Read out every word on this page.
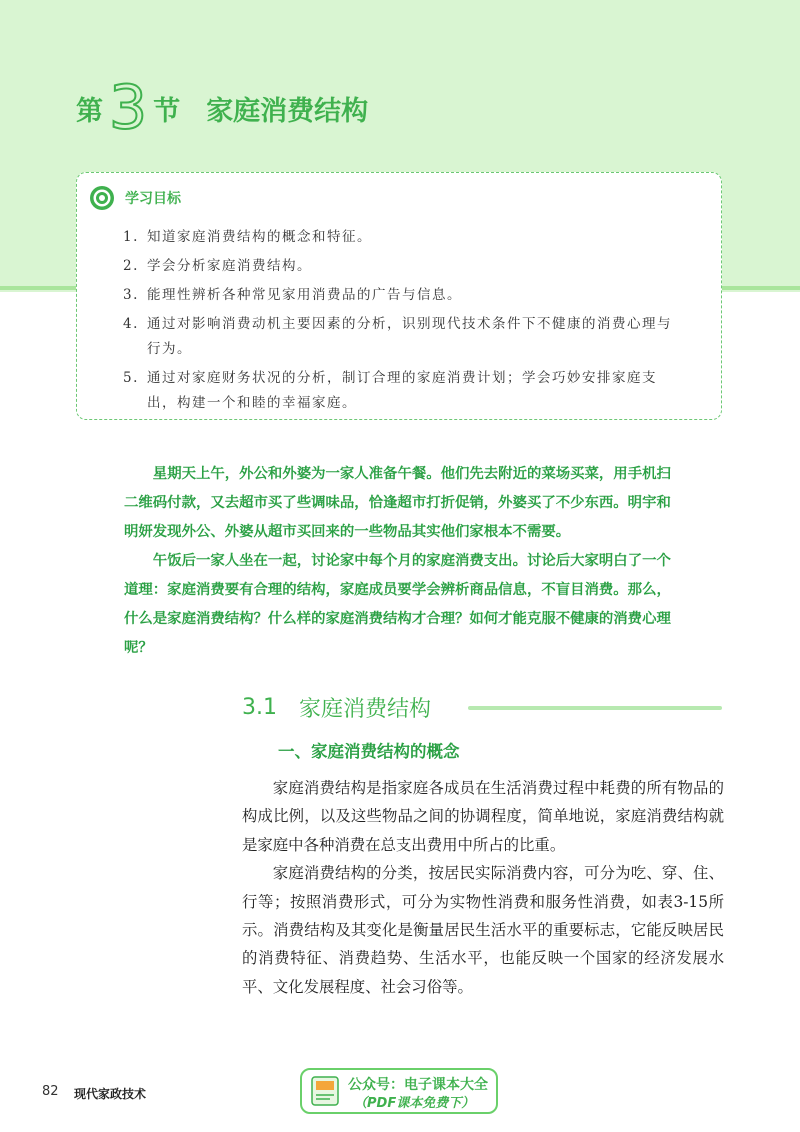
第 3 节 家庭消费结构
学习目标
1. 知道家庭消费结构的概念和特征。
2. 学会分析家庭消费结构。
3. 能理性辨析各种常见家用消费品的广告与信息。
4. 通过对影响消费动机主要因素的分析，识别现代技术条件下不健康的消费心理与行为。
5. 通过对家庭财务状况的分析，制订合理的家庭消费计划；学会巧妙安排家庭支出，构建一个和睦的幸福家庭。

星期天上午，外公和外婆为一家人准备午餐。他们先去附近的菜场买菜，用手机扫二维码付款，又去超市买了些调味品，恰逢超市打折促销，外婆买了不少东西。明宇和明妍发现外公、外婆从超市买回来的一些物品其实他们家根本不需要。

午饭后一家人坐在一起，讨论家中每个月的家庭消费支出。讨论后大家明白了一个道理：家庭消费要有合理的结构，家庭成员要学会辨析商品信息，不盲目消费。那么，什么是家庭消费结构？什么样的家庭消费结构才合理？如何才能克服不健康的消费心理呢？

3.1 家庭消费结构
一、家庭消费结构的概念

家庭消费结构是指家庭各成员在生活消费过程中耗费的所有物品的构成比例，以及这些物品之间的协调程度，简单地说，家庭消费结构就是家庭中各种消费在总支出费用中所占的比重。

家庭消费结构的分类，按居民实际消费内容，可分为吃、穿、住、行等；按照消费形式，可分为实物性消费和服务性消费，如表3-15所示。消费结构及其变化是衡量居民生活水平的重要标志，它能反映居民的消费特征、消费趋势、生活水平，也能反映一个国家的经济发展水平、文化发展程度、社会习俗等。

82 现代家政技术
公众号：电子课本大全
（PDF课本免费下）
